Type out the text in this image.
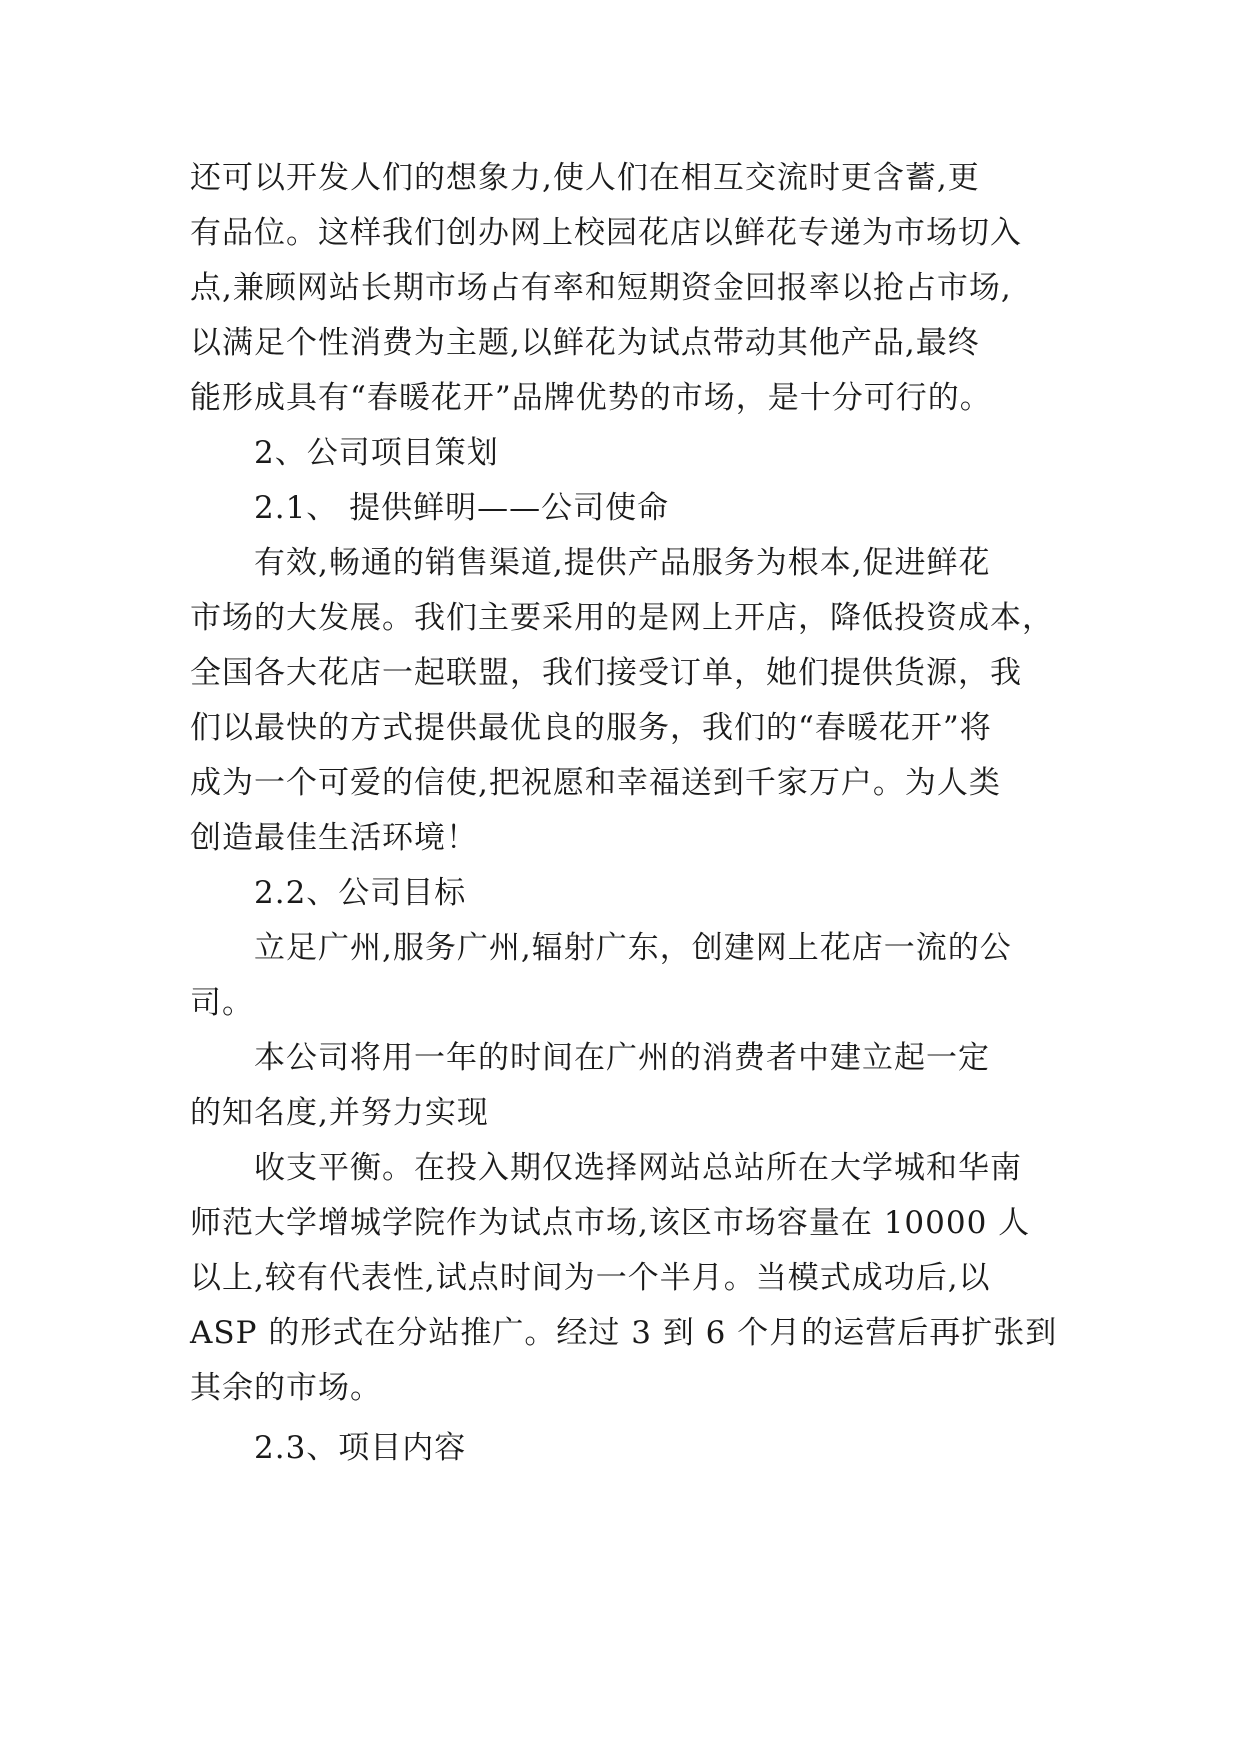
还可以开发人们的想象力,使人们在相互交流时更含蓄,更
有品位。这样我们创办网上校园花店以鲜花专递为市场切入
点,兼顾网站长期市场占有率和短期资金回报率以抢占市场,
以满足个性消费为主题,以鲜花为试点带动其他产品,最终
能形成具有“春暖花开”品牌优势的市场，是十分可行的。
2、公司项目策划
2.1、 提供鲜明——公司使命
有效,畅通的销售渠道,提供产品服务为根本,促进鲜花
市场的大发展。我们主要采用的是网上开店，降低投资成本，
全国各大花店一起联盟，我们接受订单，她们提供货源，我
们以最快的方式提供最优良的服务，我们的“春暖花开”将
成为一个可爱的信使,把祝愿和幸福送到千家万户。为人类
创造最佳生活环境！
2.2、公司目标
立足广州,服务广州,辐射广东，创建网上花店一流的公
司。
本公司将用一年的时间在广州的消费者中建立起一定
的知名度,并努力实现
收支平衡。在投入期仅选择网站总站所在大学城和华南
师范大学增城学院作为试点市场,该区市场容量在 10000 人
以上,较有代表性,试点时间为一个半月。当模式成功后,以
ASP 的形式在分站推广。经过 3 到 6 个月的运营后再扩张到
其余的市场。
2.3、项目内容
